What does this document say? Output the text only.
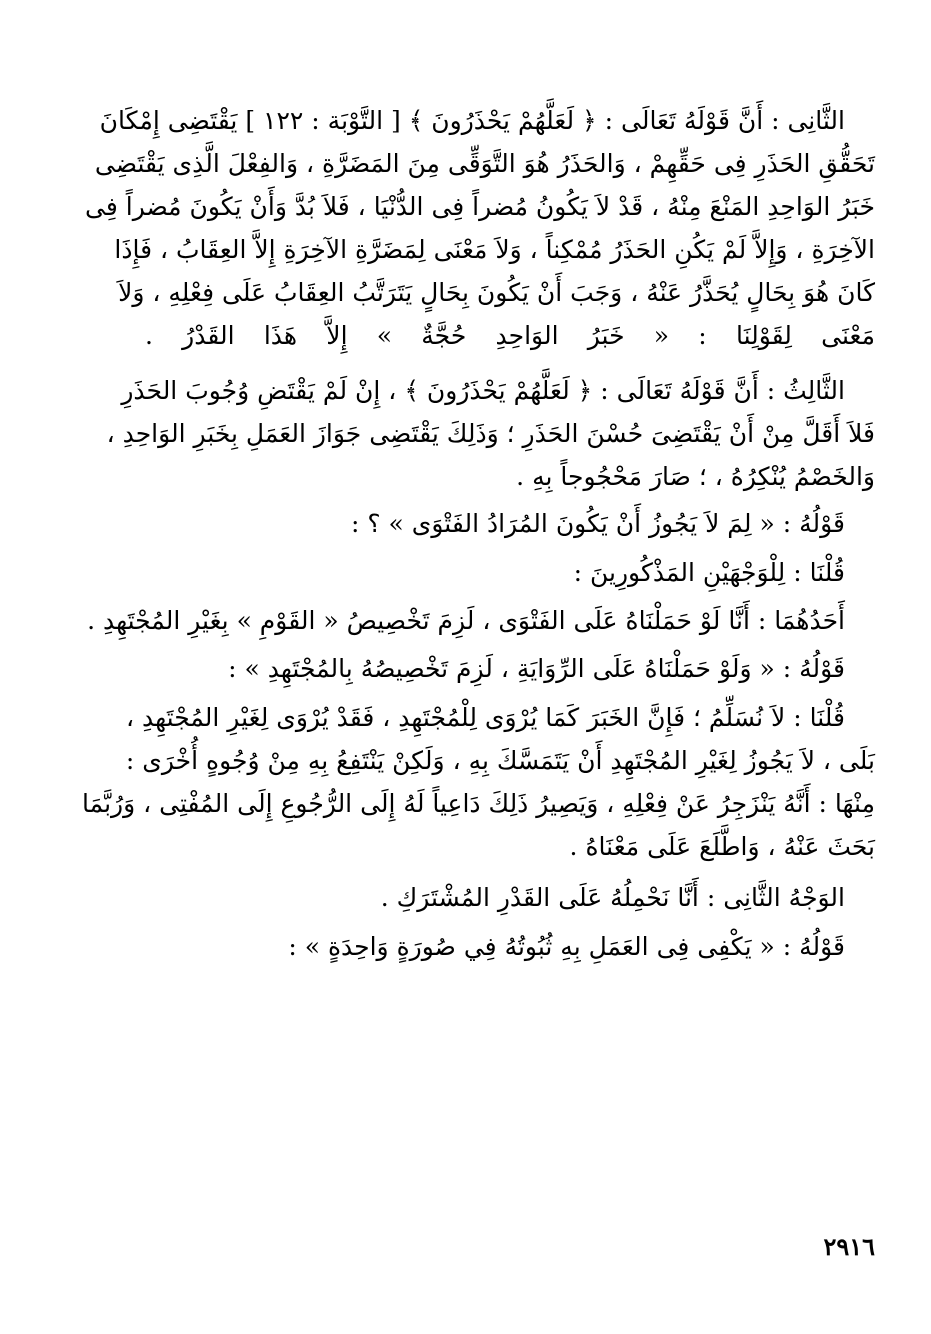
الثَّانِى : أَنَّ قَوْلَهُ تَعَالَى : ﴿ لَعَلَّهُمْ يَحْذَرُونَ ﴾ [ التَّوْبَة : ١٢٢ ] يَقْتَضِى إِمْكَانَ
تَحَقُّقِ الحَذَرِ فِى حَقِّهِمْ ، وَالحَذَرُ هُوَ التَّوَقِّى مِنَ المَضَرَّةِ ، وَالفِعْلَ الَّذِى يَقْتَضِى
خَبَرُ الوَاحِدِ المَنْعَ مِنْهُ ، قَدْ لاَ يَكُونُ مُضراً فِى الدُّنْيَا ، فَلاَ بُدَّ وَأَنْ يَكُونَ مُضراً فِى
الآخِرَةِ ، وَإِلاَّ لَمْ يَكُنِ الحَذَرُ مُمْكِناً ، وَلاَ مَعْنَى لِمَضَرَّةِ الآخِرَةِ إِلاَّ العِقَابُ ، فَإِذَا
كَانَ هُوَ بِحَالٍ يُحَذَّرُ عَنْهُ ، وَجَبَ أَنْ يَكُونَ بِحَالٍ يَتَرَتَّبُ العِقَابُ عَلَى فِعْلِهِ ، وَلاَ
مَعْنَى لِقَوْلِنَا : « خَبَرُ الوَاحِدِ حُجَّةٌ » إِلاَّ هَذَا القَدْرُ .
الثَّالِثُ : أَنَّ قَوْلَهُ تَعَالَى : ﴿ لَعَلَّهُمْ يَحْذَرُونَ ﴾ ، إِنْ لَمْ يَقْتَضِ وُجُوبَ الحَذَرِ
فَلاَ أَقَلَّ مِنْ أَنْ يَقْتَضِىَ حُسْنَ الحَذَرِ ؛ وَذَلِكَ يَقْتَضِى جَوَازَ العَمَلِ بِخَبَرِ الوَاحِدِ ،
وَالخَصْمُ يُنْكِرُهُ ، ؛ صَارَ مَحْجُوجاً بِهِ .
قَوْلُهُ : « لِمَ لاَ يَجُوزُ أَنْ يَكُونَ المُرَادُ الفَتْوَى » ؟ :
قُلْنَا : لِلْوَجْهَيْنِ المَذْكُورِينَ :
أَحَدُهُمَا : أَنَّا لَوْ حَمَلْنَاهُ عَلَى الفَتْوَى ، لَزِمَ تَخْصِيصُ « القَوْمِ » بِغَيْرِ المُجْتَهِدِ .
قَوْلُهُ : « وَلَوْ حَمَلْنَاهُ عَلَى الرِّوَايَةِ ، لَزِمَ تَخْصِيصُهُ بِالمُجْتَهِدِ » :
قُلْنَا : لاَ نُسَلِّمُ ؛ فَإِنَّ الخَبَرَ كَمَا يُرْوَى لِلْمُجْتَهِدِ ، فَقَدْ يُرْوَى لِغَيْرِ المُجْتَهِدِ ،
بَلَى ، لاَ يَجُوزُ لِغَيْرِ المُجْتَهِدِ أَنْ يَتَمَسَّكَ بِهِ ، وَلَكِنْ يَنْتَفِعُ بِهِ مِنْ وُجُوهٍ أُخْرَى :
مِنْهَا : أَنَّهُ يَنْزَجِرُ عَنْ فِعْلِهِ ، وَيَصِيرُ ذَلِكَ دَاعِياً لَهُ إِلَى الرُّجُوعِ إِلَى المُفْتِى ، وَرُبَّمَا
بَحَثَ عَنْهُ ، وَاطَّلَعَ عَلَى مَعْنَاهُ .
الوَجْهُ الثَّانِى : أَنَّا نَحْمِلُهُ عَلَى القَدْرِ المُشْتَرَكِ .
قَوْلُهُ : « يَكْفِى فِى العَمَلِ بِهِ ثُبُوتُهُ فِي صُورَةٍ وَاحِدَةٍ » :
٢٩١٦
